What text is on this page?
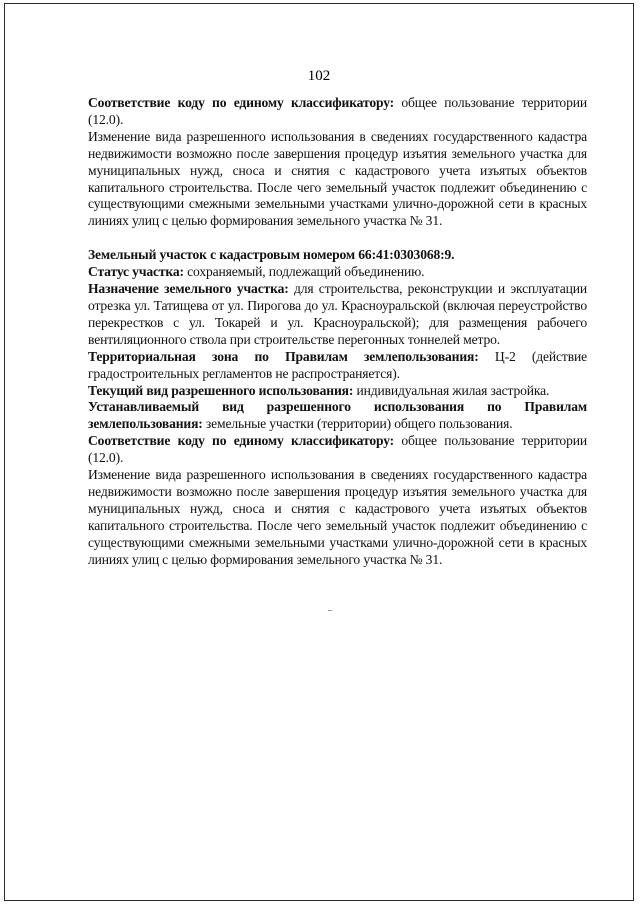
102

Соответствие коду по единому классификатору: общее пользование территории (12.0).

Изменение вида разрешенного использования в сведениях государственного кадастра недвижимости возможно после завершения процедур изъятия земельного участка для муниципальных нужд, сноса и снятия с кадастрового учета изъятых объектов капитального строительства. После чего земельный участок подлежит объединению с существующими смежными земельными участками улично-дорожной сети в красных линиях улиц с целью формирования земельного участка № 31.

Земельный участок с кадастровым номером 66:41:0303068:9.

Статус участка: сохраняемый, подлежащий объединению.

Назначение земельного участка: для строительства, реконструкции и эксплуатации отрезка ул. Татищева от ул. Пирогова до ул. Красноуральской (включая переустройство перекрестков с ул. Токарей и ул. Красноуральской); для размещения рабочего вентиляционного ствола при строительстве перегонных тоннелей метро.

Территориальная зона по Правилам землепользования: Ц-2 (действие градостроительных регламентов не распространяется).

Текущий вид разрешенного использования: индивидуальная жилая застройка.

Устанавливаемый вид разрешенного использования по Правилам землепользования: земельные участки (территории) общего пользования.

Соответствие коду по единому классификатору: общее пользование территории (12.0).

Изменение вида разрешенного использования в сведениях государственного кадастра недвижимости возможно после завершения процедур изъятия земельного участка для муниципальных нужд, сноса и снятия с кадастрового учета изъятых объектов капитального строительства. После чего земельный участок подлежит объединению с существующими смежными земельными участками улично-дорожной сети в красных линиях улиц с целью формирования земельного участка № 31.
